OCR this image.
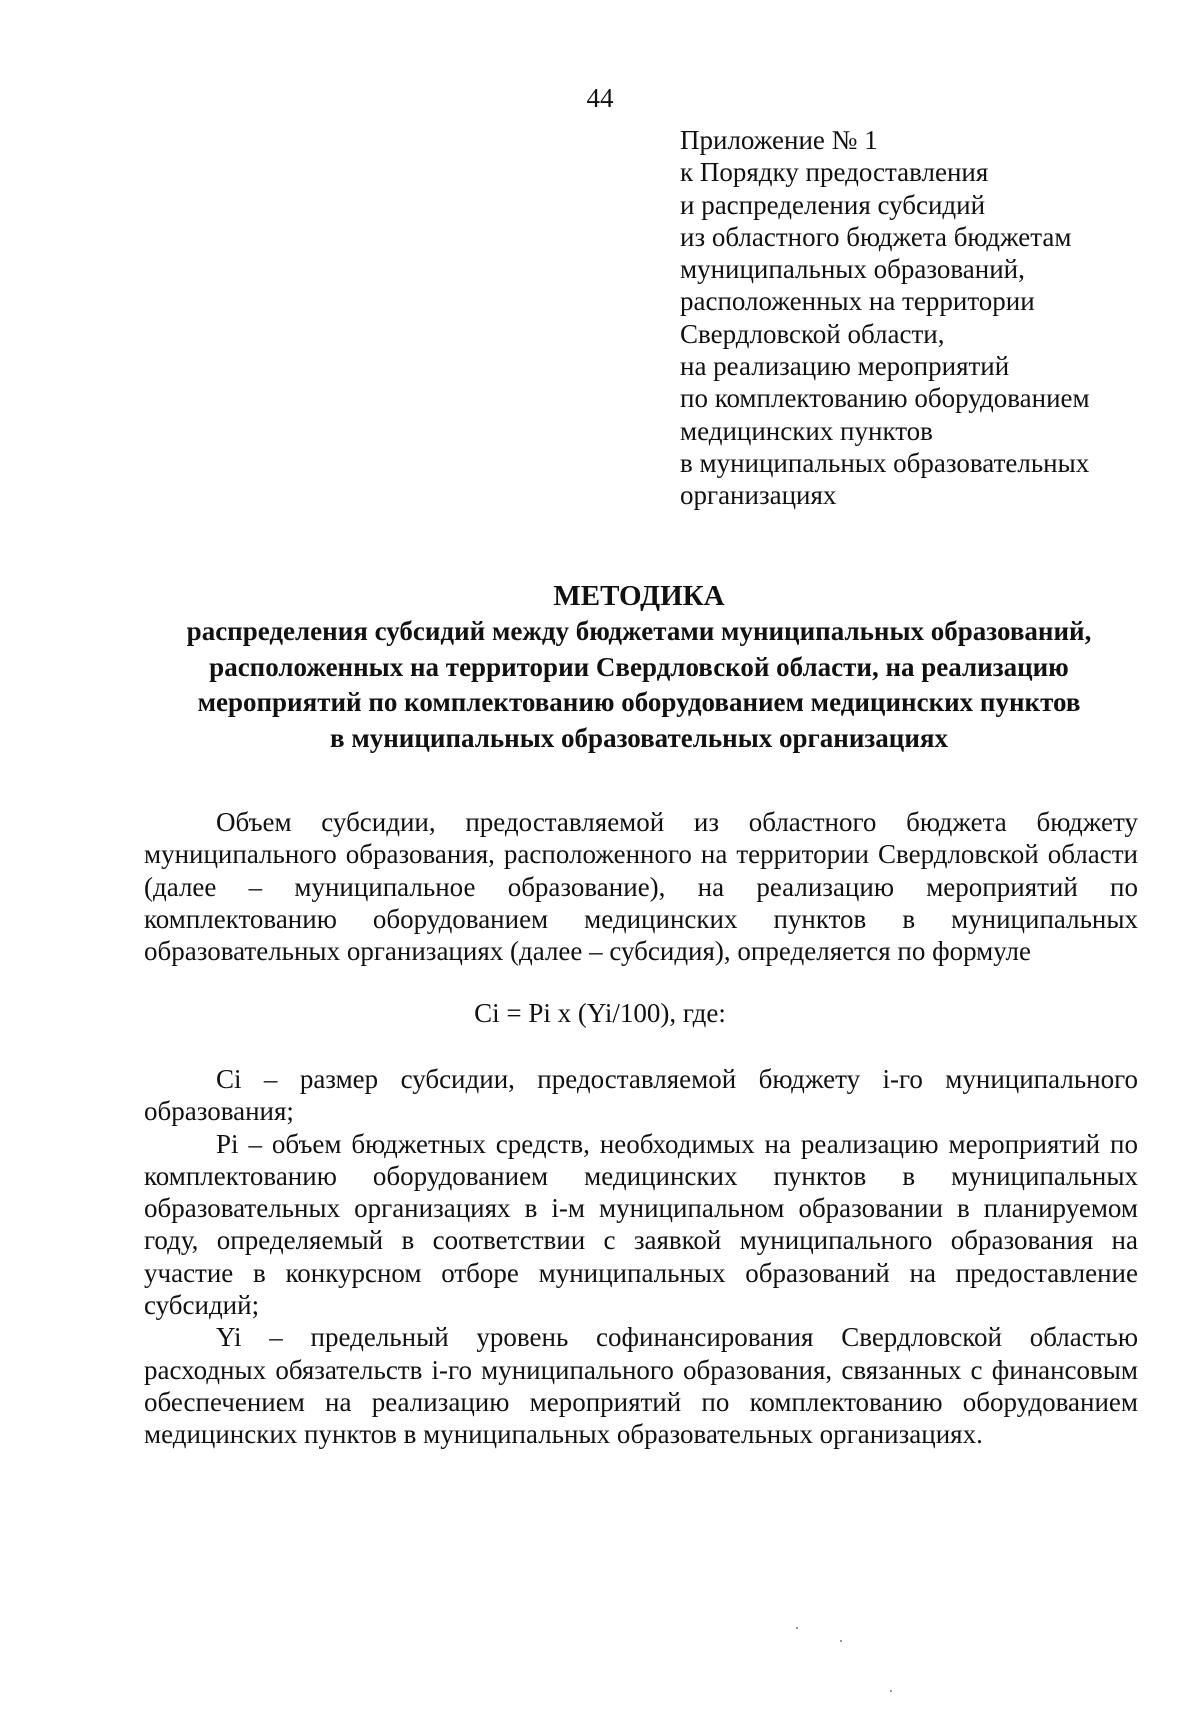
44
Приложение № 1
к Порядку предоставления
и распределения субсидий
из областного бюджета бюджетам
муниципальных образований,
расположенных на территории
Свердловской области,
на реализацию мероприятий
по комплектованию оборудованием
медицинских пунктов
в муниципальных образовательных
организациях
МЕТОДИКА
распределения субсидий между бюджетами муниципальных образований,
расположенных на территории Свердловской области, на реализацию
мероприятий по комплектованию оборудованием медицинских пунктов
в муниципальных образовательных организациях

Объем субсидии, предоставляемой из областного бюджета бюджету муниципального образования, расположенного на территории Свердловской области (далее – муниципальное образование), на реализацию мероприятий по комплектованию оборудованием медицинских пунктов в муниципальных образовательных организациях (далее – субсидия), определяется по формуле

Ci = Pi x (Yi/100), где:

Ci – размер субсидии, предоставляемой бюджету i-го муниципального образования;

Pi – объем бюджетных средств, необходимых на реализацию мероприятий по комплектованию оборудованием медицинских пунктов в муниципальных образовательных организациях в i-м муниципальном образовании в планируемом году, определяемый в соответствии с заявкой муниципального образования на участие в конкурсном отборе муниципальных образований на предоставление субсидий;

Yi – предельный уровень софинансирования Свердловской областью расходных обязательств i-го муниципального образования, связанных с финансовым обеспечением на реализацию мероприятий по комплектованию оборудованием медицинских пунктов в муниципальных образовательных организациях.
